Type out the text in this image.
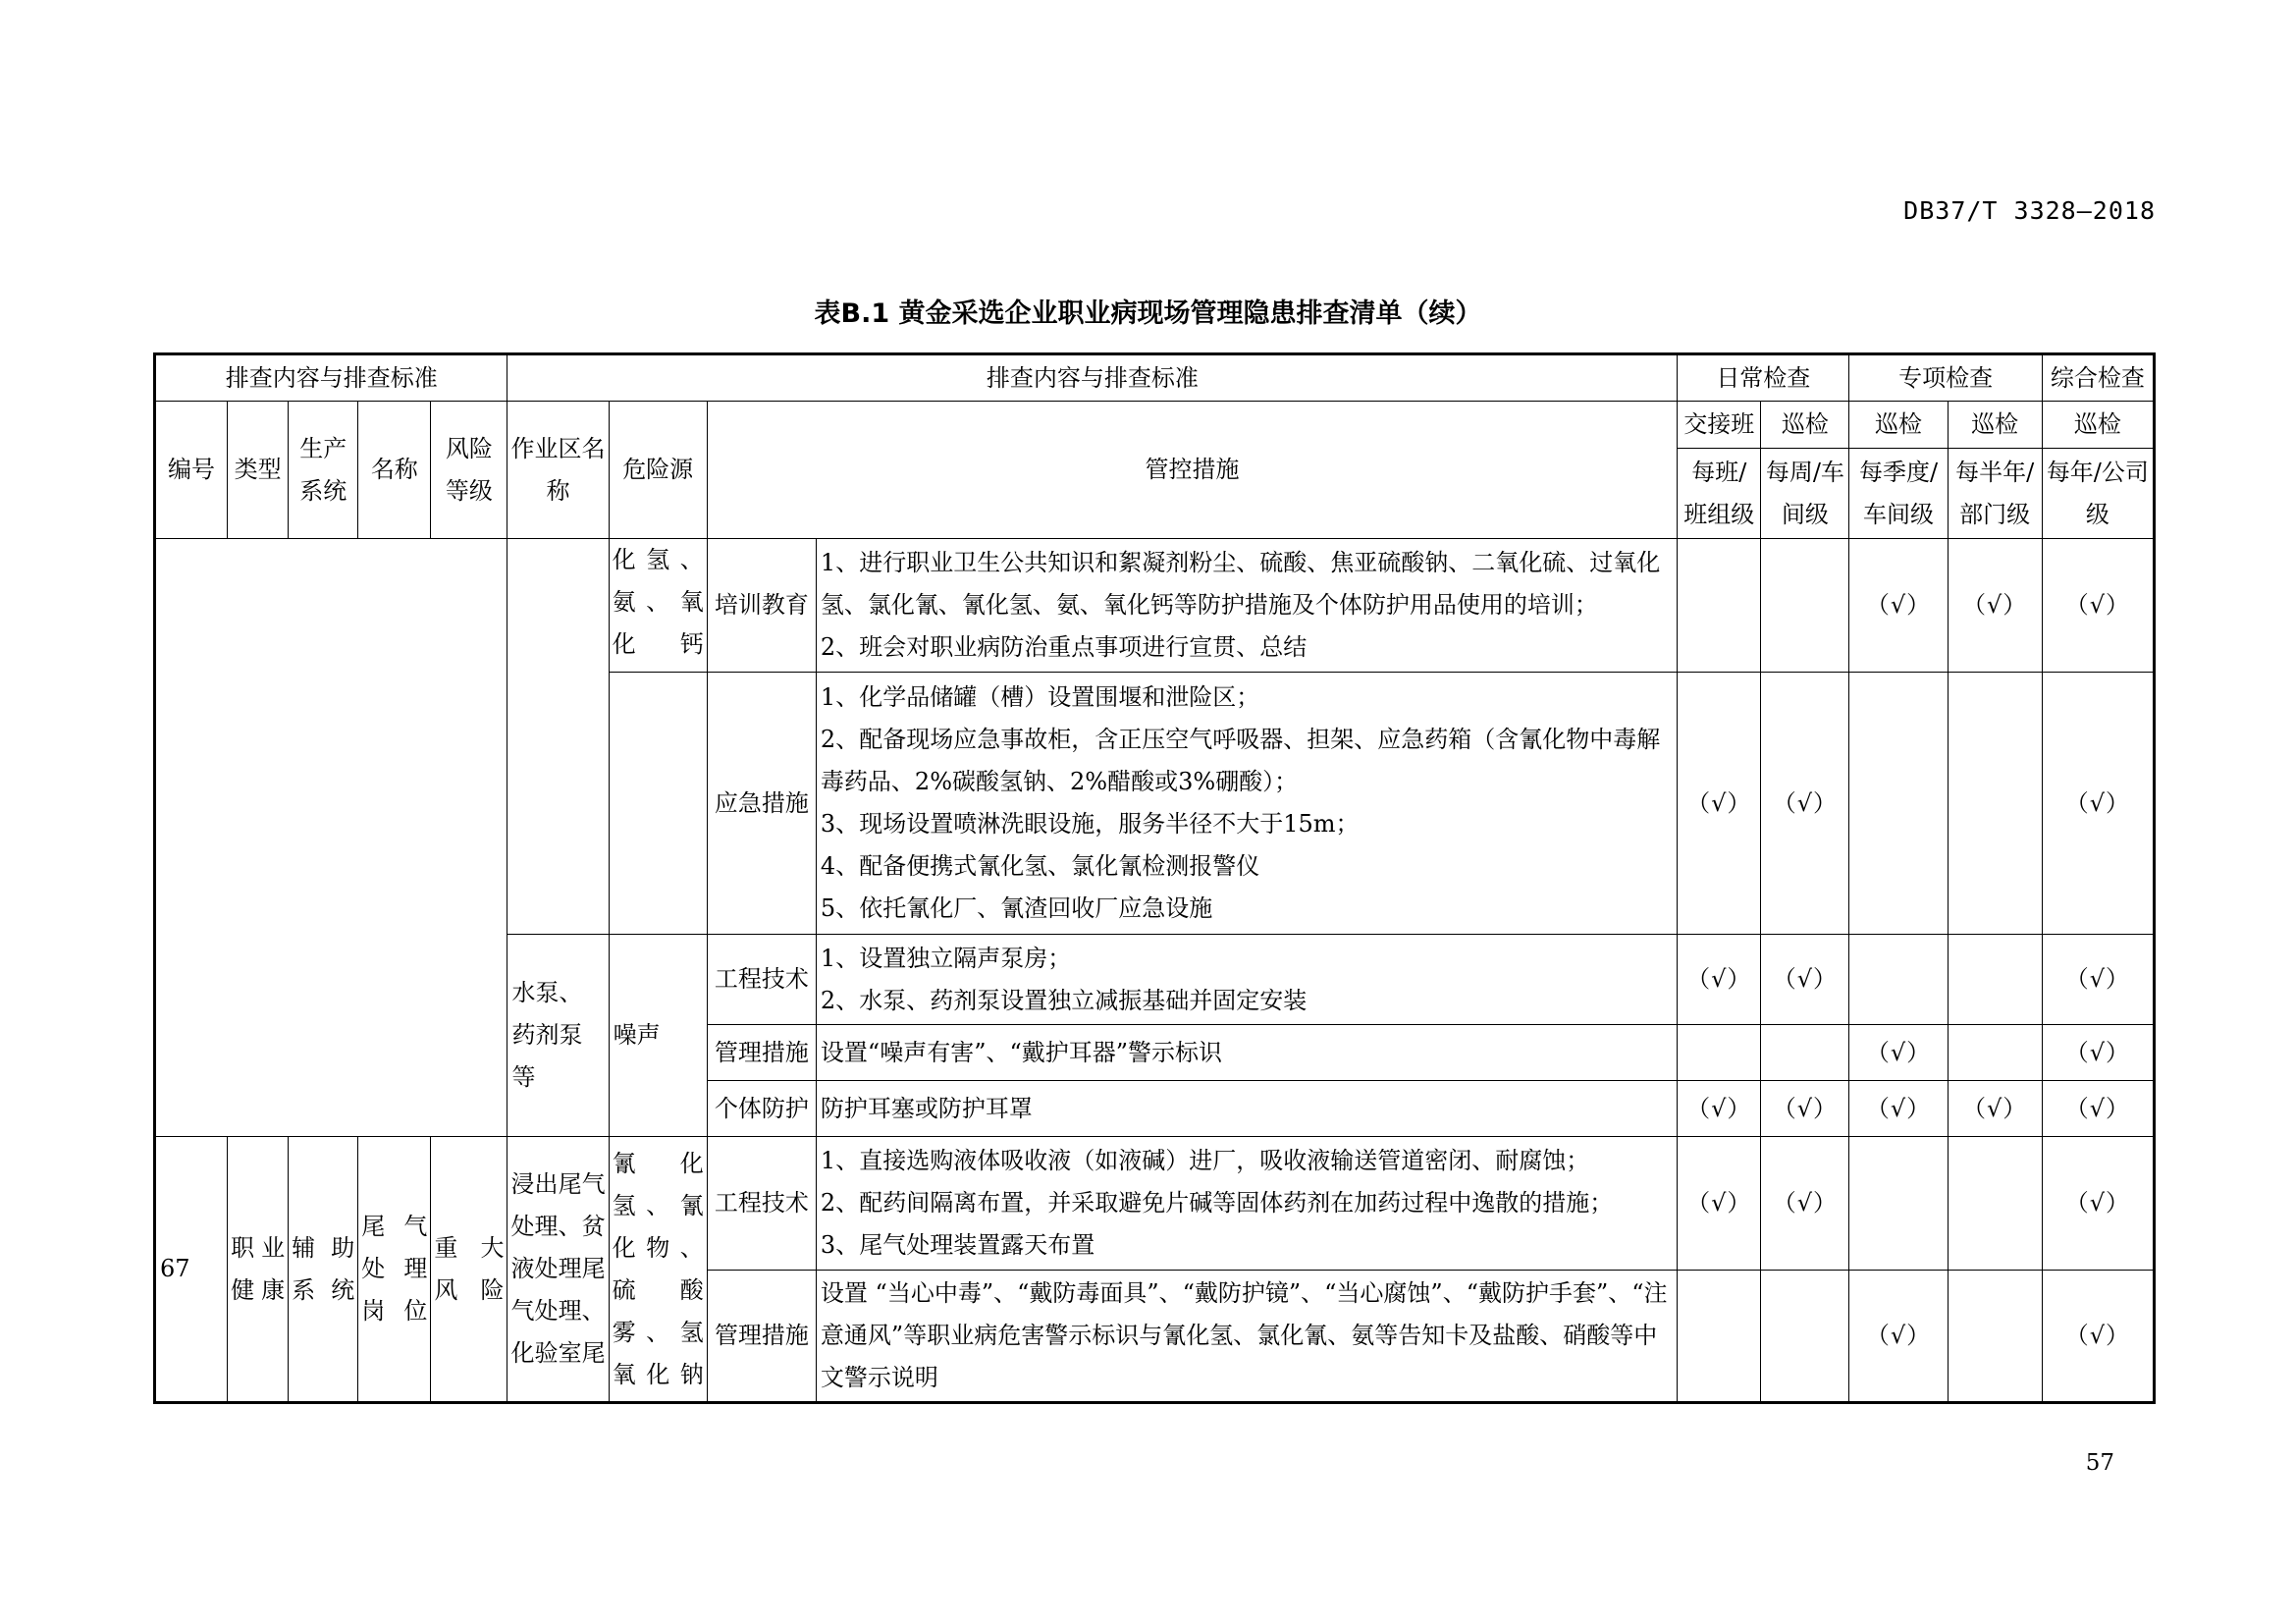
DB37/T 3328—2018
表B.1 黄金采选企业职业病现场管理隐患排查清单（续）
排查内容与排查标准					排查内容与排查标准				日常检查		专项检查		综合检查
编号	类型	生产系统	名称	风险等级	作业区名称	危险源	管控措施		交接班	巡检	巡检	巡检	巡检
									每班/班组级	每周/车间级	每季度/车间级	每半年/部门级	每年/公司级
						化氢、氨、氧化钙	培训教育	1、进行职业卫生公共知识和絮凝剂粉尘、硫酸、焦亚硫酸钠、二氧化硫、过氧化氢、氯化氰、氰化氢、氨、氧化钙等防护措施及个体防护用品使用的培训；
2、班会对职业病防治重点事项进行宣贯、总结			（√）	（√）	（√）
							应急措施	1、化学品储罐（槽）设置围堰和泄险区；
2、配备现场应急事故柜，含正压空气呼吸器、担架、应急药箱（含氰化物中毒解毒药品、2%碳酸氢钠、2%醋酸或3%硼酸）；
3、现场设置喷淋洗眼设施，服务半径不大于15m；
4、配备便携式氰化氢、氯化氰检测报警仪
5、依托氰化厂、氰渣回收厂应急设施	（√）	（√）			（√）
					水泵、药剂泵等	噪声	工程技术	1、设置独立隔声泵房；
2、水泵、药剂泵设置独立减振基础并固定安装	（√）	（√）			（√）
							管理措施	设置“噪声有害”、“戴护耳器”警示标识			（√）		（√）
							个体防护	防护耳塞或防护耳罩	（√）	（√）	（√）	（√）	（√）
67	职业健康	辅助系统	尾气处理岗位	重大风险	浸出尾气处理、贫液处理尾气处理、化验室尾	氰化氢、氰化物、硫酸雾、氢氧化钠	工程技术	1、直接选购液体吸收液（如液碱）进厂，吸收液输送管道密闭、耐腐蚀；
2、配药间隔离布置，并采取避免片碱等固体药剂在加药过程中逸散的措施；
3、尾气处理装置露天布置	（√）	（√）			（√）
							管理措施	设置 “当心中毒”、“戴防毒面具”、“戴防护镜”、“当心腐蚀”、“戴防护手套”、“注意通风”等职业病危害警示标识与氰化氢、氯化氰、氨等告知卡及盐酸、硝酸等中文警示说明			（√）		（√）
57
